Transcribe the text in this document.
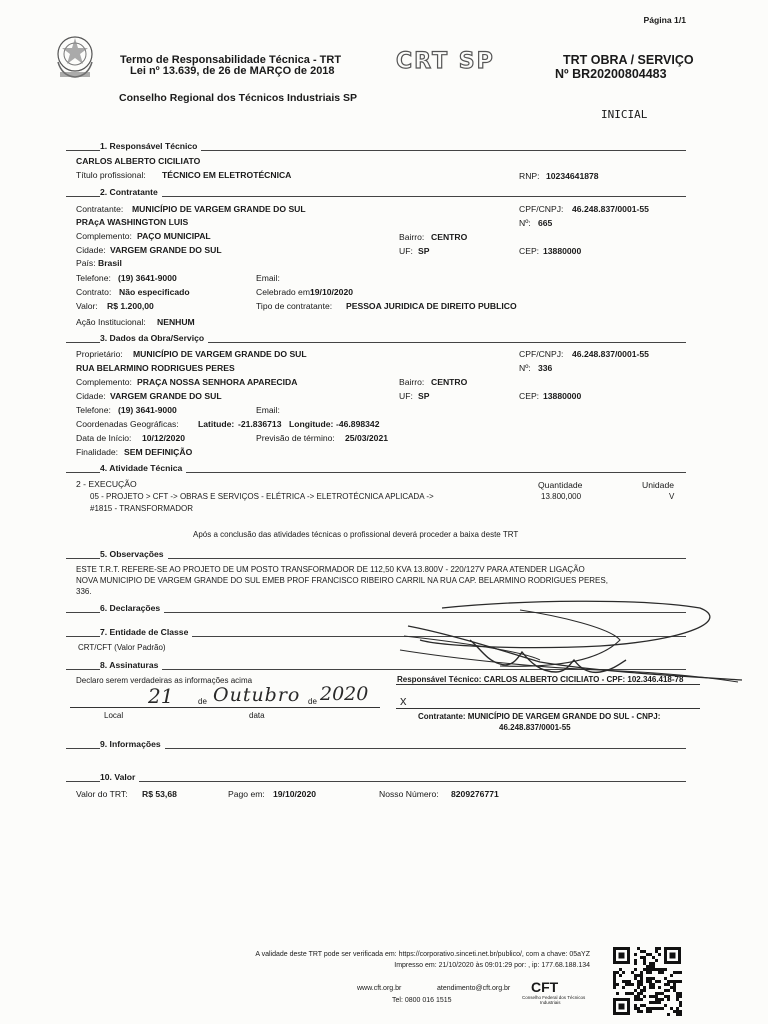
Página 1/1
Termo de Responsabilidade Técnica - TRT
Lei nº 13.639, de 26 de MARÇO de 2018	CRT SP	TRT OBRA / SERVIÇO
Nº BR20200804483
Conselho Regional dos Técnicos Industriais SP
INICIAL
1. Responsável Técnico
CARLOS ALBERTO CICILIATO
Título profissional: TÉCNICO EM ELETROTÉCNICA	RNP: 10234641878
2. Contratante
Contratante: MUNICÍPIO DE VARGEM GRANDE DO SUL	CPF/CNPJ: 46.248.837/0001-55
PRAçA WASHINGTON LUIS	Nº: 665
Complemento: PAÇO MUNICIPAL	Bairro: CENTRO
Cidade: VARGEM GRANDE DO SUL	UF: SP	CEP: 13880000
País: Brasil
Telefone: (19) 3641-9000	Email:
Contrato: Não especificado	Celebrado em:
19/10/2020
Valor: R$ 1.200,00	Tipo de contratante: PESSOA JURIDICA DE DIREITO PUBLICO
Ação Institucional: NENHUM
3. Dados da Obra/Serviço
Proprietário: MUNICÍPIO DE VARGEM GRANDE DO SUL	CPF/CNPJ: 46.248.837/0001-55
RUA BELARMINO RODRIGUES PERES	Nº: 336
Complemento: PRAÇA NOSSA SENHORA APARECIDA	Bairro: CENTRO
Cidade: VARGEM GRANDE DO SUL	UF: SP	CEP: 13880000
Telefone: (19) 3641-9000	Email:
Coordenadas Geográficas: Latitude: -21.836713 Longitude: -46.898342
Data de Início: 10/12/2020	Previsão de término: 25/03/2021
Finalidade: SEM DEFINIÇÃO
4. Atividade Técnica
2 - EXECUÇÃO	Quantidade	Unidade
05 - PROJETO > CFT -> OBRAS E SERVIÇOS - ELÉTRICA -> ELETROTÉCNICA APLICADA ->
#1815 - TRANSFORMADOR
13.800,000	V
Após a conclusão das atividades técnicas o profissional deverá proceder a baixa deste TRT
5. Observações
ESTE T.R.T. REFERE-SE AO PROJETO DE UM POSTO TRANSFORMADOR DE 112,50 KVA 13.800V - 220/127V PARA ATENDER LIGAÇÃO
NOVA MUNICIPIO DE VARGEM GRANDE DO SUL EMEB PROF FRANCISCO RIBEIRO CARRIL NA RUA CAP. BELARMINO RODRIGUES PERES,
336.
6. Declarações
7. Entidade de Classe
CRT/CFT (Valor Padrão)
8. Assinaturas
Declaro serem verdadeiras as informações acima	Responsável Técnico: CARLOS ALBERTO CICILIATO - CPF: 102.346.418-78
de	de
21 Outubro 2020 x
Local	data	Contratante: MUNICÍPIO DE VARGEM GRANDE DO SUL - CNPJ:
46.248.837/0001-55
9. Informações
10. Valor
Valor do TRT: R$ 53,68	Pago em: 19/10/2020	Nosso Número: 8209276771
A validade deste TRT pode ser verificada em: https://corporativo.sinceti.net.br/publico/, com a chave: 05aYZ
Impresso em: 21/10/2020 às 09:01:29 por: , ip: 177.68.188.134
www.cft.org.br	atendimento@cft.org.br
Tel: 0800 016 1515
CFT
Conselho Federal dos Técnicos
Industriais
